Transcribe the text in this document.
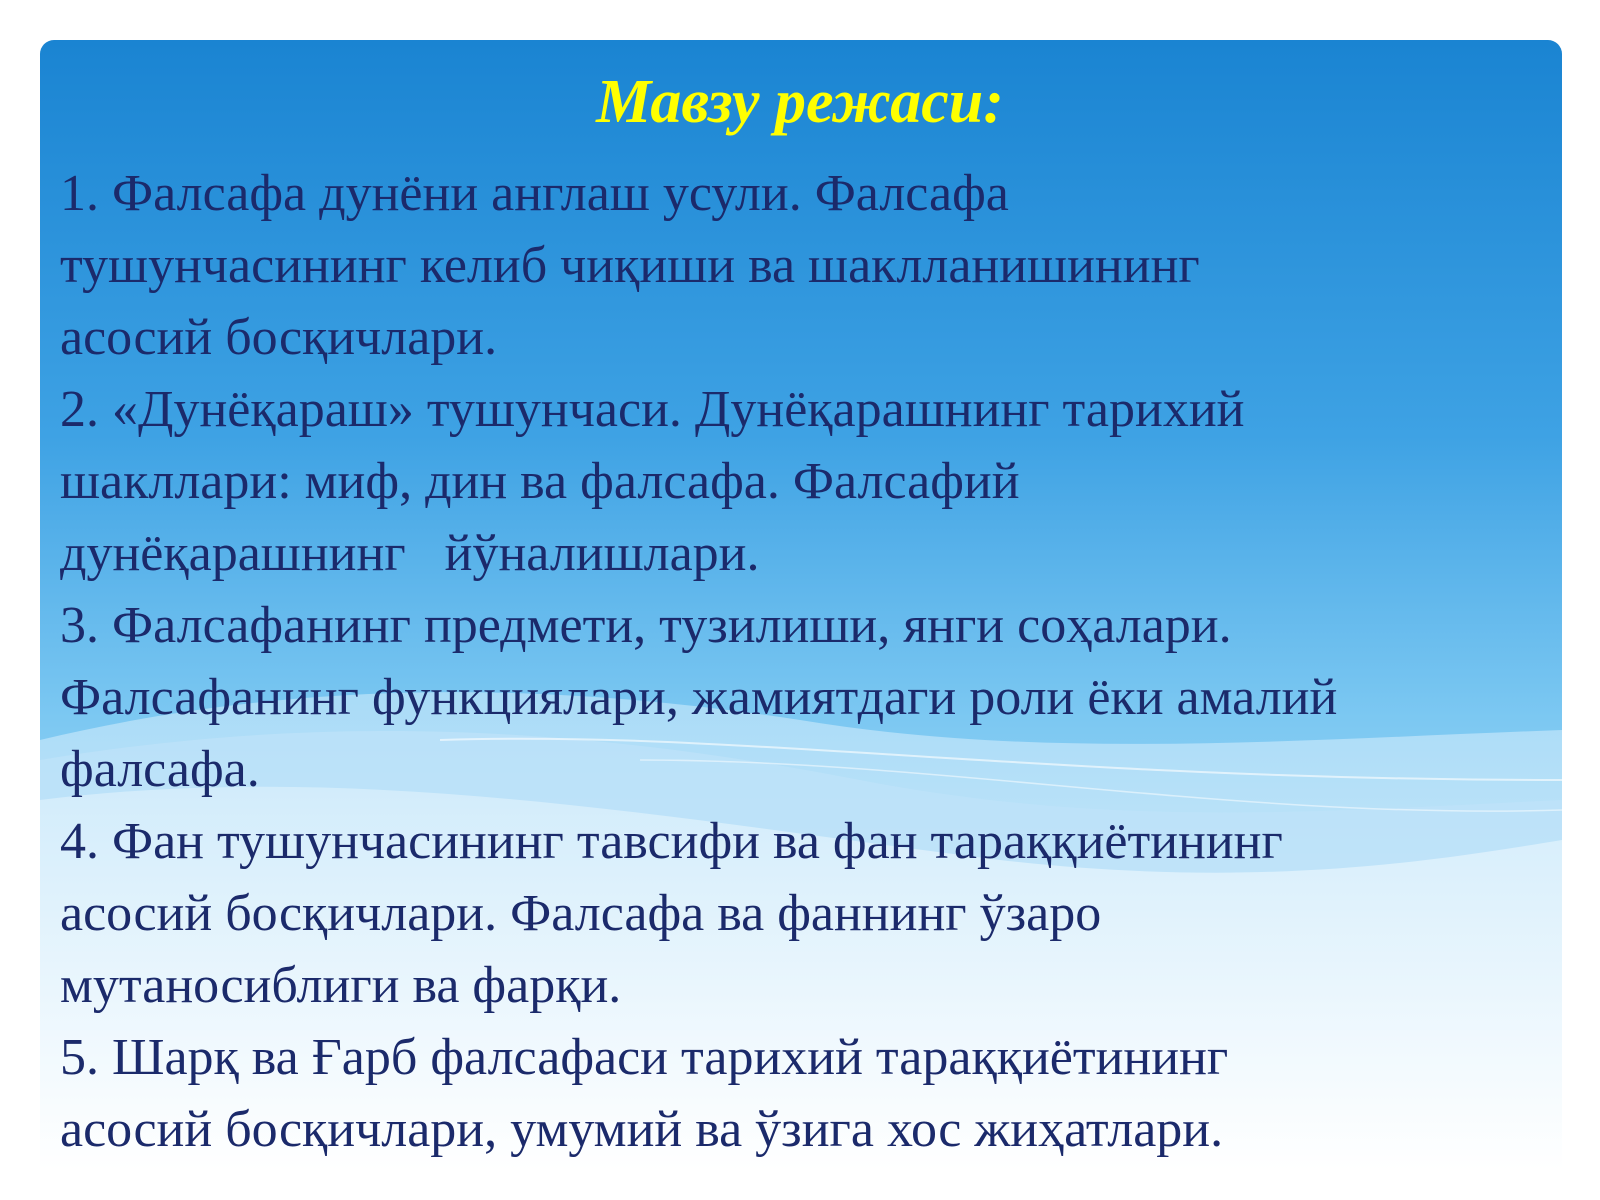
Мавзу режаси:

1. Фалсафа дунёни англаш усули. Фалсафа

тушунчасининг келиб чиқиши ва шаклланишининг

асосий босқичлари.

2. «Дунёқараш» тушунчаси. Дунёқарашнинг тарихий

шакллари: миф, дин ва фалсафа. Фалсафий

дунёқарашнинг   йўналишлари.

3. Фалсафанинг предмети, тузилиши, янги соҳалари.

Фалсафанинг функциялари, жамиятдаги роли ёки амалий

фалсафа.

4. Фан тушунчасининг тавсифи ва фан тараққиётининг

асосий босқичлари. Фалсафа ва фаннинг ўзаро

мутаносиблиги ва фарқи.

5. Шарқ ва Ғарб фалсафаси тарихий тараққиётининг

асосий босқичлари, умумий ва ўзига хос жиҳатлари.
